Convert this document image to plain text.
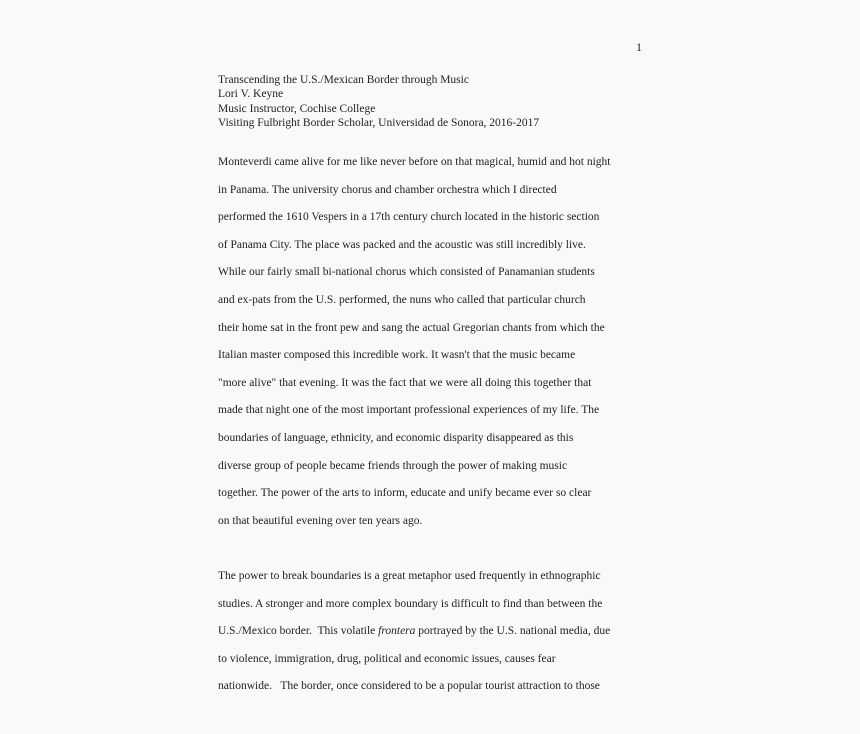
1
Transcending the U.S./Mexican Border through Music
Lori V. Keyne
Music Instructor, Cochise College
Visiting Fulbright Border Scholar, Universidad de Sonora, 2016-2017
Monteverdi came alive for me like never before on that magical, humid and hot night
in Panama. The university chorus and chamber orchestra which I directed
performed the 1610 Vespers in a 17th century church located in the historic section
of Panama City. The place was packed and the acoustic was still incredibly live.
While our fairly small bi-national chorus which consisted of Panamanian students
and ex-pats from the U.S. performed, the nuns who called that particular church
their home sat in the front pew and sang the actual Gregorian chants from which the
Italian master composed this incredible work. It wasn't that the music became
"more alive" that evening. It was the fact that we were all doing this together that
made that night one of the most important professional experiences of my life. The
boundaries of language, ethnicity, and economic disparity disappeared as this
diverse group of people became friends through the power of making music
together. The power of the arts to inform, educate and unify became ever so clear
on that beautiful evening over ten years ago.
The power to break boundaries is a great metaphor used frequently in ethnographic
studies. A stronger and more complex boundary is difficult to find than between the
U.S./Mexico border.  This volatile frontera portrayed by the U.S. national media, due
to violence, immigration, drug, political and economic issues, causes fear
nationwide.   The border, once considered to be a popular tourist attraction to those
